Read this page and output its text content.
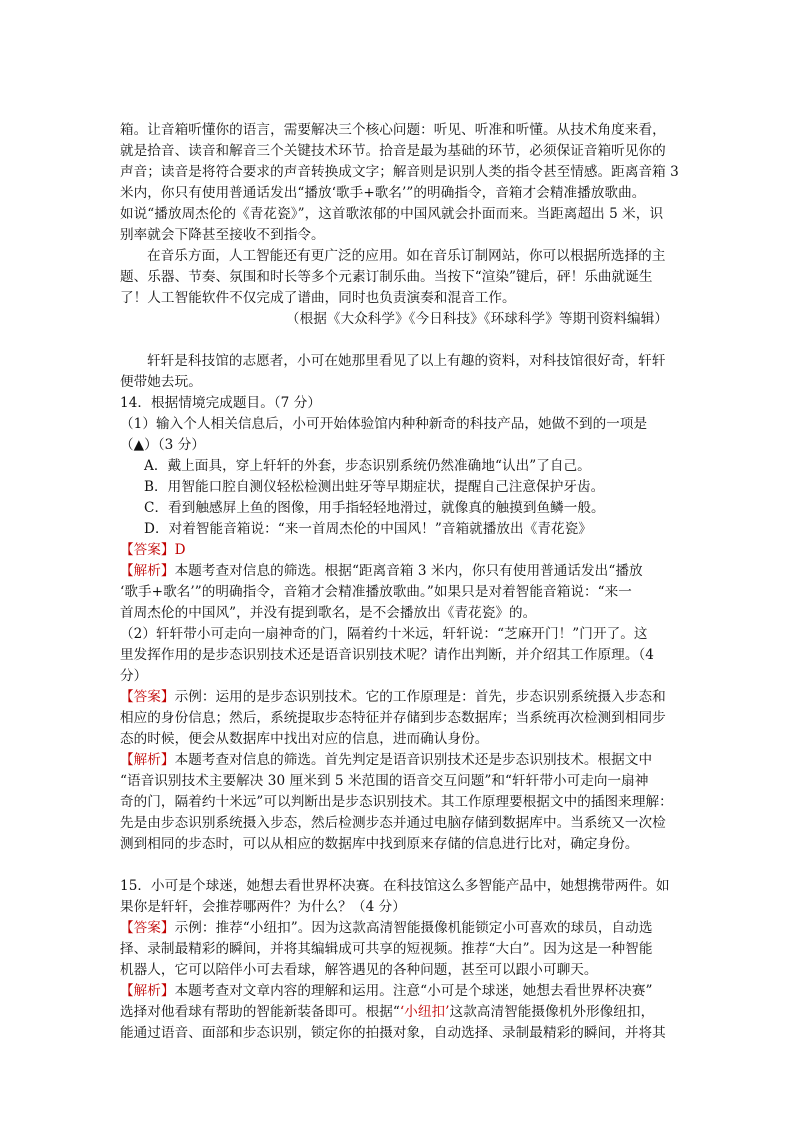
箱。让音箱听懂你的语言，需要解决三个核心问题：听见、听准和听懂。从技术角度来看，
就是拾音、读音和解音三个关键技术环节。拾音是最为基础的环节，必须保证音箱听见你的
声音；读音是将符合要求的声音转换成文字；解音则是识别人类的指令甚至情感。距离音箱 3
米内，你只有使用普通话发出“播放‘歌手+歌名’”的明确指令，音箱才会精准播放歌曲。
如说“播放周杰伦的《青花瓷》”，这首歌浓郁的中国风就会扑面而来。当距离超出 5 米，识
别率就会下降甚至接收不到指令。
在音乐方面，人工智能还有更广泛的应用。如在音乐订制网站，你可以根据所选择的主
题、乐器、节奏、氛围和时长等多个元素订制乐曲。当按下“渲染”键后，砰！乐曲就诞生
了！人工智能软件不仅完成了谱曲，同时也负责演奏和混音工作。
（根据《大众科学》《今日科技》《环球科学》等期刊资料编辑）
轩轩是科技馆的志愿者，小可在她那里看见了以上有趣的资料，对科技馆很好奇，轩轩
便带她去玩。
14．根据情境完成题目。（7 分）
（1）输入个人相关信息后，小可开始体验馆内种种新奇的科技产品，她做不到的一项是
（▲）（3 分）
A．戴上面具，穿上轩轩的外套，步态识别系统仍然准确地“认出”了自己。
B．用智能口腔自测仪轻松检测出蛀牙等早期症状，提醒自己注意保护牙齿。
C．看到触感屏上鱼的图像，用手指轻轻地滑过，就像真的触摸到鱼鳞一般。
D．对着智能音箱说：“来一首周杰伦的中国风！”音箱就播放出《青花瓷》
【答案】D
【解析】本题考查对信息的筛选。根据“距离音箱 3 米内，你只有使用普通话发出“播放
‘歌手+歌名’”的明确指令，音箱才会精准播放歌曲。”如果只是对着智能音箱说：“来一
首周杰伦的中国风”，并没有提到歌名，是不会播放出《青花瓷》的。
（2）轩轩带小可走向一扇神奇的门，隔着约十米远，轩轩说：“芝麻开门！”门开了。这
里发挥作用的是步态识别技术还是语音识别技术呢？请作出判断，并介绍其工作原理。（4
分）
【答案】示例：运用的是步态识别技术。它的工作原理是：首先，步态识别系统摄入步态和
相应的身份信息；然后，系统提取步态特征并存储到步态数据库；当系统再次检测到相同步
态的时候，便会从数据库中找出对应的信息，进而确认身份。
【解析】本题考查对信息的筛选。首先判定是语音识别技术还是步态识别技术。根据文中
“语音识别技术主要解决 30 厘米到 5 米范围的语音交互问题”和“轩轩带小可走向一扇神
奇的门，隔着约十米远”可以判断出是步态识别技术。其工作原理要根据文中的插图来理解：
先是由步态识别系统摄入步态，然后检测步态并通过电脑存储到数据库中。当系统又一次检
测到相同的步态时，可以从相应的数据库中找到原来存储的信息进行比对，确定身份。
15．小可是个球迷，她想去看世界杯决赛。在科技馆这么多智能产品中，她想携带两件。如
果你是轩轩，会推荐哪两件？为什么？（4 分）
【答案】示例：推荐“小纽扣”。因为这款高清智能摄像机能锁定小可喜欢的球员，自动选
择、录制最精彩的瞬间，并将其编辑成可共享的短视频。推荐“大白”。因为这是一种智能
机器人，它可以陪伴小可去看球，解答遇见的各种问题，甚至可以跟小可聊天。
【解析】本题考查对文章内容的理解和运用。注意“小可是个球迷，她想去看世界杯决赛”
选择对他看球有帮助的智能新装备即可。根据“‘小纽扣’这款高清智能摄像机外形像纽扣，
能通过语音、面部和步态识别，锁定你的拍摄对象，自动选择、录制最精彩的瞬间，并将其
